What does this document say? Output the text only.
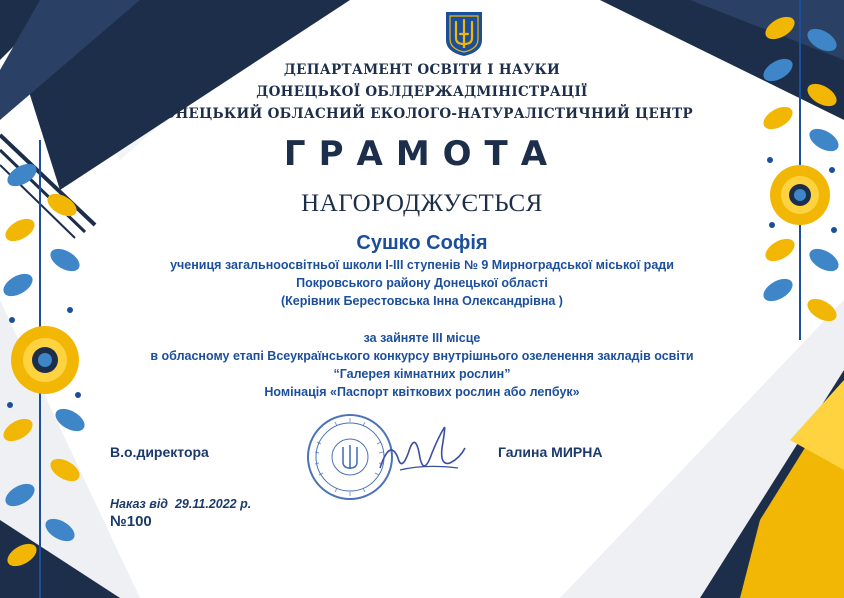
ДЕПАРТАМЕНТ ОСВІТИ І НАУКИ
ДОНЕЦЬКОЇ ОБЛДЕРЖАДМІНІСТРАЦІЇ
ДОНЕЦЬКИЙ ОБЛАСНИЙ ЕКОЛОГО-НАТУРАЛІСТИЧНИЙ ЦЕНТР
ГРАМОТА
НАГОРОДЖУЄТЬСЯ
Сушко Софія
учениця загальноосвітньої школи І-ІІІ ступенів № 9 Мирноградської міської ради
Покровського району Донецької області
(Керівник Берестовська Інна Олександрівна )
за зайняте ІІІ місце
в обласному етапі Всеукраїнського конкурсу внутрішнього озеленення закладів освіти
“Галерея кімнатних рослин”
Номінація «Паспорт квіткових рослин або лепбук»
В.о.директора	Галина МИРНА
Наказ від  29.11.2022 р.
№100
